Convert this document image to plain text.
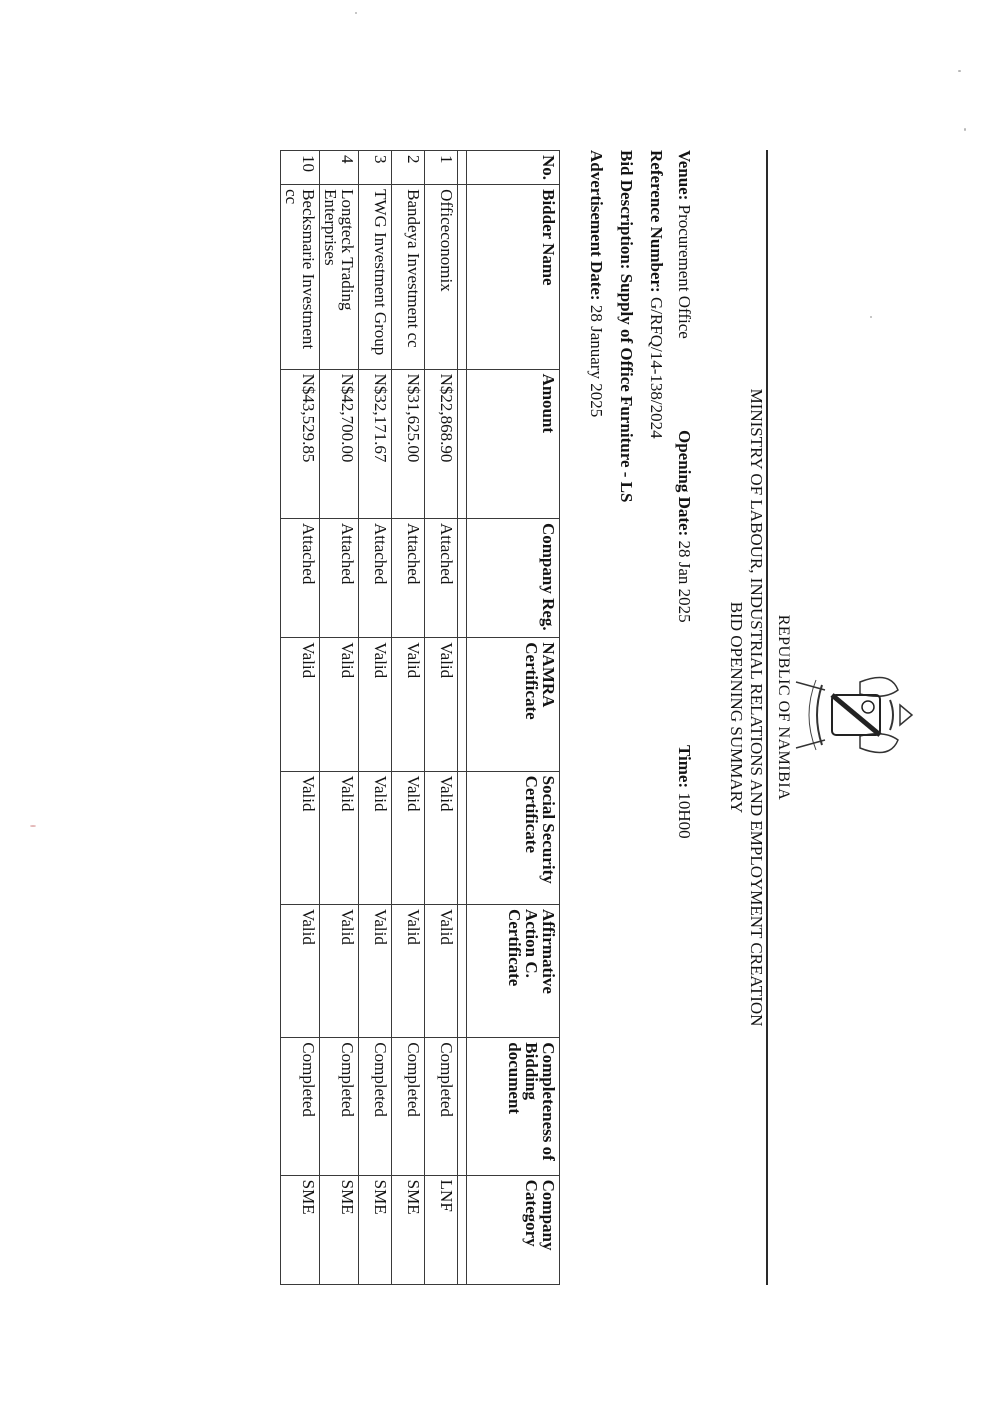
REPUBLIC OF NAMIBIA
MINISTRY OF LABOUR, INDUSTRIAL RELATIONS AND EMPLOYMENT CREATION
BID OPENNING SUMMARY
Venue: Procurement Office
Opening Date: 28 Jan 2025
Time: 10H00
Reference Number: G/RFQ/14-138/2024
Bid Description: Supply of Office Furniture - LS
Advertisement Date: 28 January 2025
No.	Bidder Name	Amount	Company Reg.	NAMRA Certificate	Social Security Certificate	Affirmative Action C. Certificate	Completeness of Bidding document	Company Category

1	Officeconomix	N$22,868.90	Attached	Valid	Valid	Valid	Completed	LNF
2	Bandeya Investment cc	N$31,625.00	Attached	Valid	Valid	Valid	Completed	SME
3	TWG Investment Group	N$32,171.67	Attached	Valid	Valid	Valid	Completed	SME
4	Longteck Trading Enterprises	N$42,700.00	Attached	Valid	Valid	Valid	Completed	SME
10	Becksmarie Investment cc	N$43,529.85	Attached	Valid	Valid	Valid	Completed	SME
